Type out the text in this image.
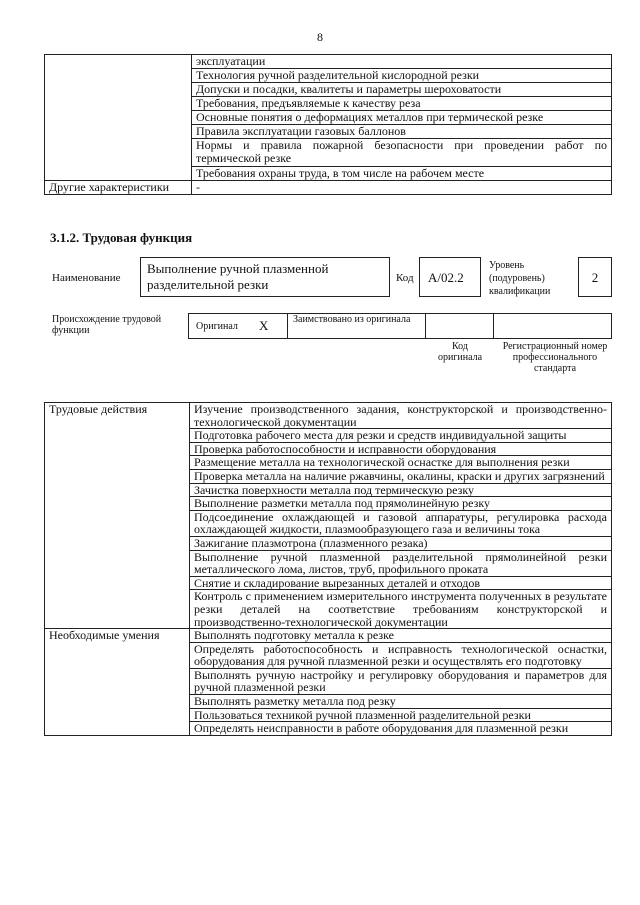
8
	эксплуатации
	Технология ручной разделительной кислородной резки
	Допуски и посадки, квалитеты и параметры шероховатости
	Требования, предъявляемые к качеству реза
	Основные понятия о деформациях металлов при термической резке
	Правила эксплуатации газовых баллонов
	Нормы и правила пожарной безопасности при проведении работ по термической резке
	Требования охраны труда, в том числе на рабочем месте
Другие характеристики	-
3.1.2. Трудовая функция
Наименование
Выполнение ручной плазменной разделительной резки	Код	A/02.2
Уровень (подуровень) квалификации
2
Происхождение трудовой функции	Оригинал X Заимствовано из оригинала
Код оригинала
Регистрационный номер профессионального стандарта
Трудовые действия	Изучение производственного задания, конструкторской и производственно-технологической документации
	Подготовка рабочего места для резки и средств индивидуальной защиты
	Проверка работоспособности и исправности оборудования
	Размещение металла на технологической оснастке для выполнения резки
	Проверка металла на наличие ржавчины, окалины, краски и других загрязнений
	Зачистка поверхности металла под термическую резку
	Выполнение разметки металла под прямолинейную резку
	Подсоединение охлаждающей и газовой аппаратуры, регулировка расхода охлаждающей жидкости, плазмообразующего газа и величины тока
	Зажигание плазмотрона (плазменного резака)
	Выполнение ручной плазменной разделительной прямолинейной резки металлического лома, листов, труб, профильного проката
	Снятие и складирование вырезанных деталей и отходов
	Контроль с применением измерительного инструмента полученных в результате резки деталей на соответствие требованиям конструкторской и производственно-технологической документации
Необходимые умения	Выполнять подготовку металла к резке
	Определять работоспособность и исправность технологической оснастки, оборудования для ручной плазменной резки и осуществлять его подготовку
	Выполнять ручную настройку и регулировку оборудования и параметров для ручной плазменной резки
	Выполнять разметку металла под резку
	Пользоваться техникой ручной плазменной разделительной резки
	Определять неисправности в работе оборудования для плазменной резки
